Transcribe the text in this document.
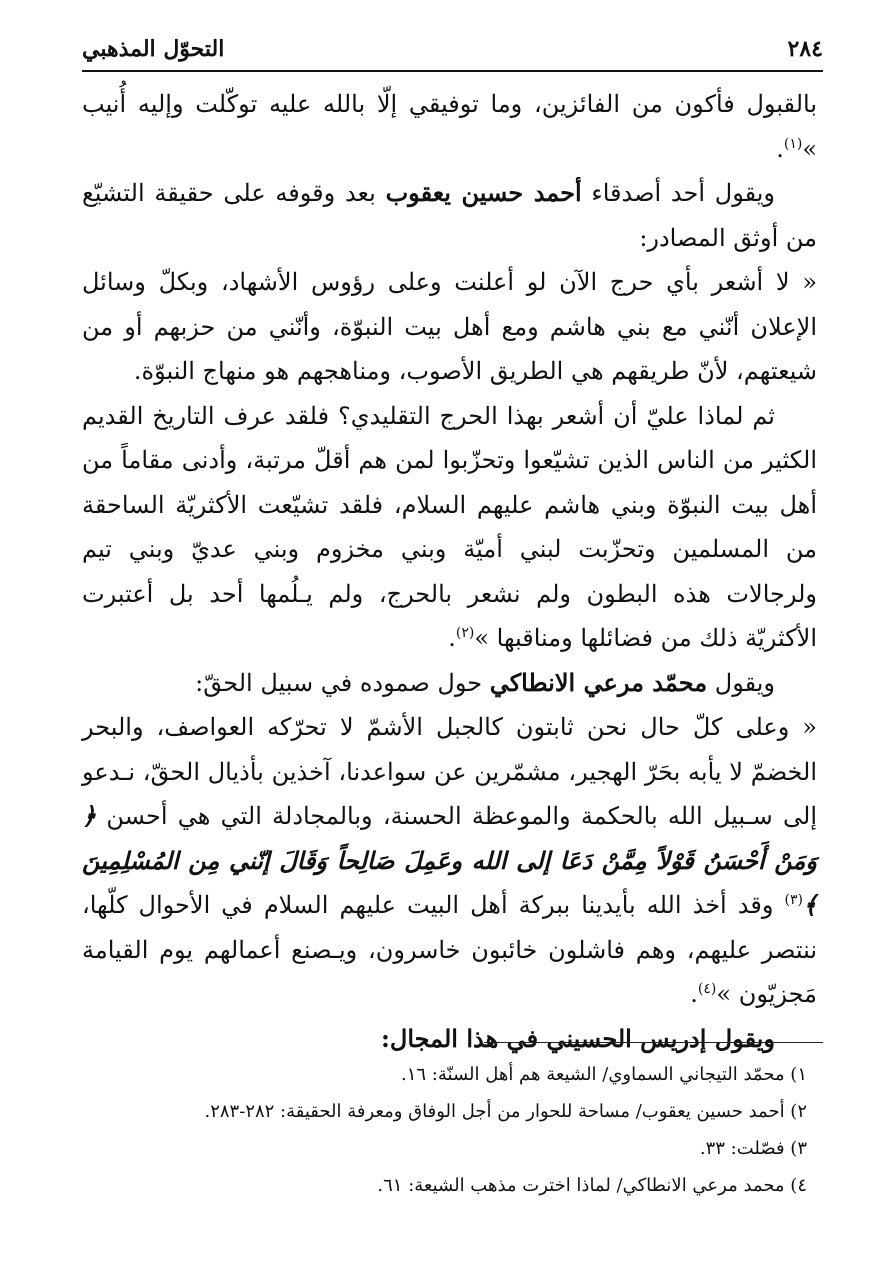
٢٨٤
التحوّل المذهبي

بالقبول فأكون من الفائزين، وما توفيقي إلّا بالله عليه توكّلت وإليه أُنيب »$^{(١)}$.

ويقول أحد أصدقاء أحمد حسين يعقوب بعد وقوفه على حقيقة التشيّع من أوثق المصادر:

« لا أشعر بأي حرج الآن لو أعلنت وعلى رؤوس الأشهاد، وبكلّ وسائل الإعلان أنّني مع بني هاشم ومع أهل بيت النبوّة، وأنّني من حزبهم أو من شيعتهم، لأنّ طريقهم هي الطريق الأصوب، ومناهجهم هو منهاج النبوّة.

ثم لماذا عليّ أن أشعر بهذا الحرج التقليدي؟ فلقد عرف التاريخ القديم الكثير من الناس الذين تشيّعوا وتحزّبوا لمن هم أقلّ مرتبة، وأدنى مقاماً من أهل بيت النبوّة وبني هاشم عليهم السلام، فلقد تشيّعت الأكثريّة الساحقة من المسلمين وتحزّبت لبني أميّة وبني مخزوم وبني عديّ وبني تيم ولرجالات هذه البطون ولم نشعر بالحرج، ولم يـلُمها أحد بل أعتبرت الأكثريّة ذلك من فضائلها ومناقبها »$^{(٢)}$.

ويقول محمّد مرعي الانطاكي حول صموده في سبيل الحقّ:

« وعلى كلّ حال نحن ثابتون كالجبل الأشمّ لا تحرّكه العواصف، والبحر الخضمّ لا يأبه بحَرّ الهجير، مشمّرين عن سواعدنا، آخذين بأذيال الحقّ، نـدعو إلى سـبيل الله بالحكمة والموعظة الحسنة، وبالمجادلة التي هي أحسن ﴿ وَمَنْ أَحْسَنُ قَوْلاً مِمَّنْ دَعَا إلى الله وعَمِلَ صَالِحاً وَقَالَ إنّني مِن المُسْلِمِينَ ﴾$^{(٣)}$ وقد أخذ الله بأيدينا ببركة أهل البيت عليهم السلام في الأحوال كلّها، ننتصر عليهم، وهم فاشلون خائبون خاسرون، ويـصنع أعمالهم يوم القيامة مَجزيّون »$^{(٤)}$.

ويقول إدريس الحسيني في هذا المجال:

١) محمّد التيجاني السماوي/ الشيعة هم أهل السنّة: ١٦.

٢) أحمد حسين يعقوب/ مساحة للحوار من أجل الوفاق ومعرفة الحقيقة: ٢٨٢-٢٨٣.

٣) فصّلت: ٣٣.

٤) محمد مرعي الانطاكي/ لماذا اخترت مذهب الشيعة: ٦١.
